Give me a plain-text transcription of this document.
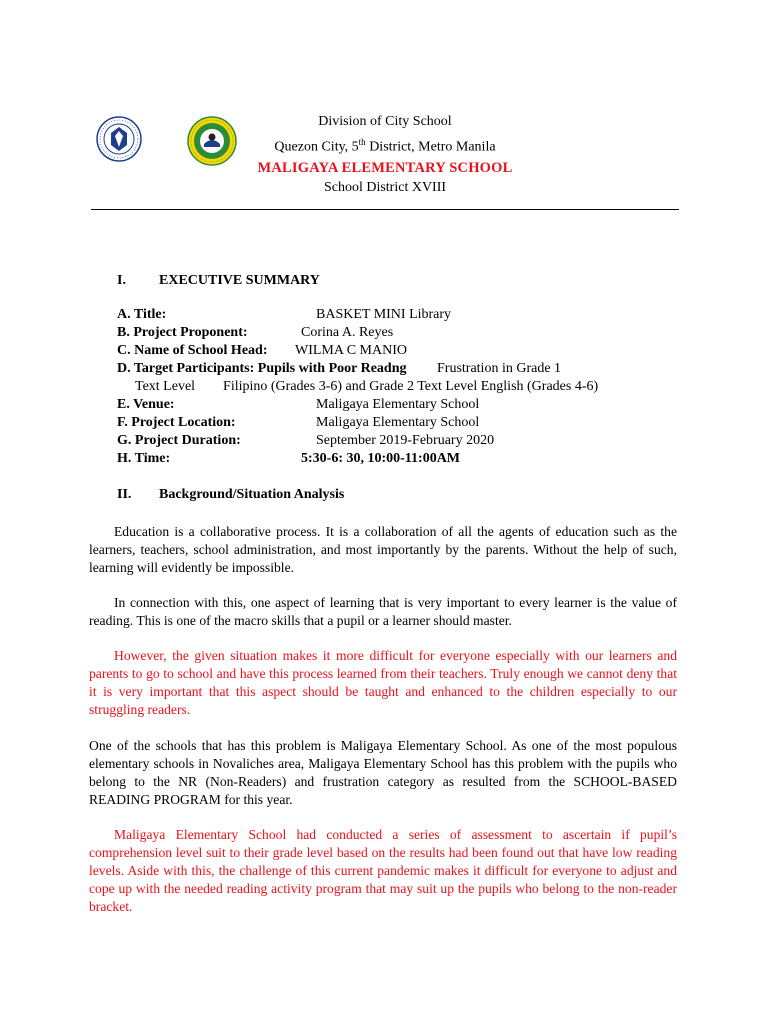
Division of City School
Quezon City, 5th District, Metro Manila
MALIGAYA ELEMENTARY SCHOOL
School District XVIII
I. EXECUTIVE SUMMARY
A. Title:	BASKET MINI Library
B. Project Proponent:	Corina A. Reyes
C. Name of School Head: WILMA C MANIO
D. Target Participants: Pupils with Poor Readng Frustration in Grade 1
Text Level        Filipino (Grades 3-6) and Grade 2 Text Level English (Grades 4-6)
E. Venue:	Maligaya Elementary School
F. Project Location:	Maligaya Elementary School
G. Project Duration:	September 2019-February 2020
H. Time:	5:30-6: 30, 10:00-11:00AM
II. Background/Situation Analysis

Education is a collaborative process. It is a collaboration of all the agents of education such as the learners, teachers, school administration, and most importantly by the parents. Without the help of such, learning will evidently be impossible.

In connection with this, one aspect of learning that is very important to every learner is the value of reading. This is one of the macro skills that a pupil or a learner should master.

However, the given situation makes it more difficult for everyone especially with our learners and parents to go to school and have this process learned from their teachers. Truly enough we cannot deny that it is very important that this aspect should be taught and enhanced to the children especially to our struggling readers.

One of the schools that has this problem is Maligaya Elementary School. As one of the most populous elementary schools in Novaliches area, Maligaya Elementary School has this problem with the pupils who belong to the NR (Non-Readers) and frustration category as resulted from the SCHOOL-BASED READING PROGRAM for this year.

Maligaya Elementary School had conducted a series of assessment to ascertain if pupil’s comprehension level suit to their grade level based on the results had been found out that have low reading levels. Aside with this, the challenge of this current pandemic makes it difficult for everyone to adjust and cope up with the needed reading activity program that may suit up the pupils who belong to the non-reader bracket.
